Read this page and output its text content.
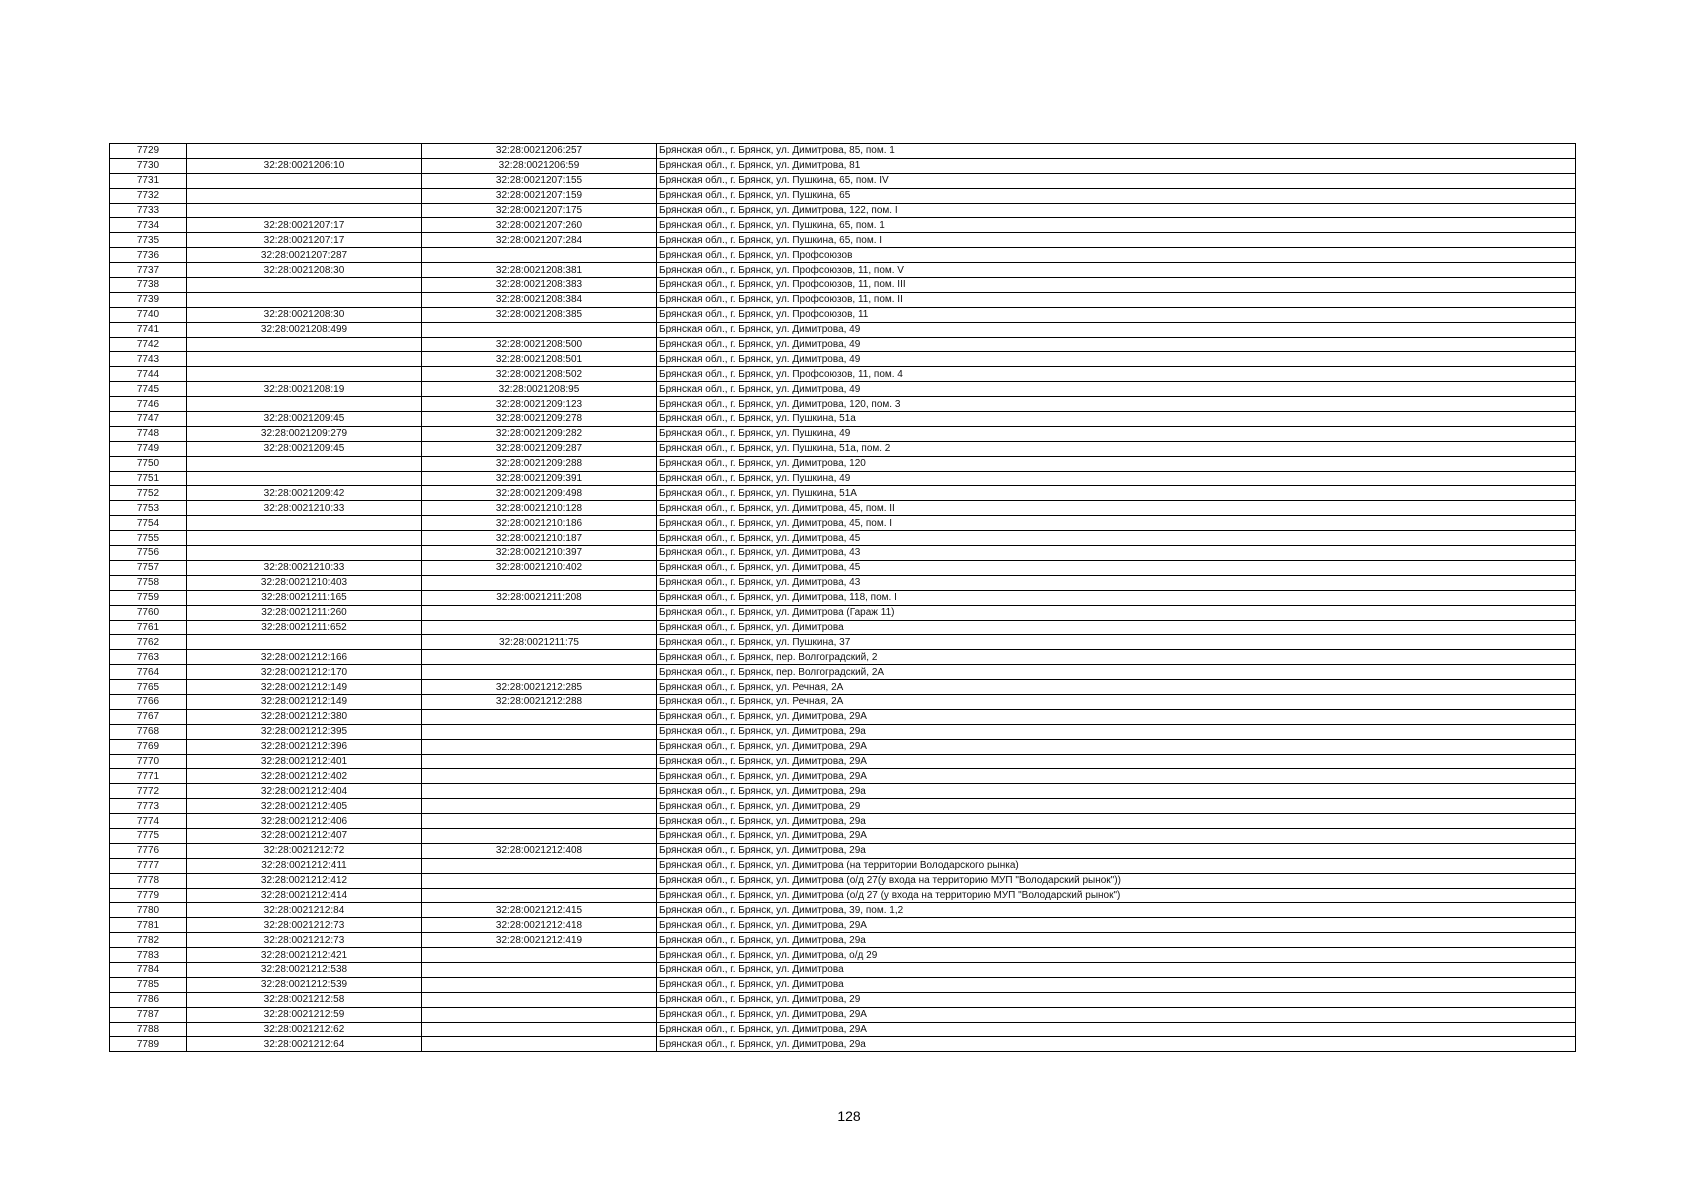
7729		32:28:0021206:257	Брянская обл., г. Брянск, ул. Димитрова, 85, пом. 1
7730	32:28:0021206:10	32:28:0021206:59	Брянская обл., г. Брянск, ул. Димитрова, 81
7731		32:28:0021207:155	Брянская обл., г. Брянск, ул. Пушкина, 65, пом. IV
7732		32:28:0021207:159	Брянская обл., г. Брянск, ул. Пушкина, 65
7733		32:28:0021207:175	Брянская обл., г. Брянск, ул. Димитрова, 122, пом. I
7734	32:28:0021207:17	32:28:0021207:260	Брянская обл., г. Брянск, ул. Пушкина, 65, пом. 1
7735	32:28:0021207:17	32:28:0021207:284	Брянская обл., г. Брянск, ул. Пушкина, 65, пом. I
7736	32:28:0021207:287		Брянская обл., г. Брянск, ул. Профсоюзов
7737	32:28:0021208:30	32:28:0021208:381	Брянская обл., г. Брянск, ул. Профсоюзов, 11, пом. V
7738		32:28:0021208:383	Брянская обл., г. Брянск, ул. Профсоюзов, 11, пом. III
7739		32:28:0021208:384	Брянская обл., г. Брянск, ул. Профсоюзов, 11, пом. II
7740	32:28:0021208:30	32:28:0021208:385	Брянская обл., г. Брянск, ул. Профсоюзов, 11
7741	32:28:0021208:499		Брянская обл., г. Брянск, ул. Димитрова, 49
7742		32:28:0021208:500	Брянская обл., г. Брянск, ул. Димитрова, 49
7743		32:28:0021208:501	Брянская обл., г. Брянск, ул. Димитрова, 49
7744		32:28:0021208:502	Брянская обл., г. Брянск, ул. Профсоюзов, 11, пом. 4
7745	32:28:0021208:19	32:28:0021208:95	Брянская обл., г. Брянск, ул. Димитрова, 49
7746		32:28:0021209:123	Брянская обл., г. Брянск, ул. Димитрова, 120, пом. 3
7747	32:28:0021209:45	32:28:0021209:278	Брянская обл., г. Брянск, ул. Пушкина, 51а
7748	32:28:0021209:279	32:28:0021209:282	Брянская обл., г. Брянск, ул. Пушкина, 49
7749	32:28:0021209:45	32:28:0021209:287	Брянская обл., г. Брянск, ул. Пушкина, 51а, пом. 2
7750		32:28:0021209:288	Брянская обл., г. Брянск, ул. Димитрова, 120
7751		32:28:0021209:391	Брянская обл., г. Брянск, ул. Пушкина, 49
7752	32:28:0021209:42	32:28:0021209:498	Брянская обл., г. Брянск, ул. Пушкина, 51А
7753	32:28:0021210:33	32:28:0021210:128	Брянская обл., г. Брянск, ул. Димитрова, 45, пом. II
7754		32:28:0021210:186	Брянская обл., г. Брянск, ул. Димитрова, 45, пом. I
7755		32:28:0021210:187	Брянская обл., г. Брянск, ул. Димитрова, 45
7756		32:28:0021210:397	Брянская обл., г. Брянск, ул. Димитрова, 43
7757	32:28:0021210:33	32:28:0021210:402	Брянская обл., г. Брянск, ул. Димитрова, 45
7758	32:28:0021210:403		Брянская обл., г. Брянск, ул. Димитрова, 43
7759	32:28:0021211:165	32:28:0021211:208	Брянская обл., г. Брянск, ул. Димитрова, 118, пом. I
7760	32:28:0021211:260		Брянская обл., г. Брянск, ул. Димитрова (Гараж 11)
7761	32:28:0021211:652		Брянская обл., г. Брянск, ул. Димитрова
7762		32:28:0021211:75	Брянская обл., г. Брянск, ул. Пушкина, 37
7763	32:28:0021212:166		Брянская обл., г. Брянск, пер. Волгоградский, 2
7764	32:28:0021212:170		Брянская обл., г. Брянск, пер. Волгоградский, 2А
7765	32:28:0021212:149	32:28:0021212:285	Брянская обл., г. Брянск, ул. Речная, 2А
7766	32:28:0021212:149	32:28:0021212:288	Брянская обл., г. Брянск, ул. Речная, 2А
7767	32:28:0021212:380		Брянская обл., г. Брянск, ул. Димитрова, 29А
7768	32:28:0021212:395		Брянская обл., г. Брянск, ул. Димитрова, 29а
7769	32:28:0021212:396		Брянская обл., г. Брянск, ул. Димитрова, 29А
7770	32:28:0021212:401		Брянская обл., г. Брянск, ул. Димитрова, 29А
7771	32:28:0021212:402		Брянская обл., г. Брянск, ул. Димитрова, 29А
7772	32:28:0021212:404		Брянская обл., г. Брянск, ул. Димитрова, 29а
7773	32:28:0021212:405		Брянская обл., г. Брянск, ул. Димитрова, 29
7774	32:28:0021212:406		Брянская обл., г. Брянск, ул. Димитрова, 29а
7775	32:28:0021212:407		Брянская обл., г. Брянск, ул. Димитрова, 29А
7776	32:28:0021212:72	32:28:0021212:408	Брянская обл., г. Брянск, ул. Димитрова, 29а
7777	32:28:0021212:411		Брянская обл., г. Брянск, ул. Димитрова (на территории Володарского рынка)
7778	32:28:0021212:412		Брянская обл., г. Брянск, ул. Димитрова (о/д 27(у входа на территорию МУП "Володарский рынок"))
7779	32:28:0021212:414		Брянская обл., г. Брянск, ул. Димитрова (о/д 27 (у входа на территорию МУП "Володарский рынок")
7780	32:28:0021212:84	32:28:0021212:415	Брянская обл., г. Брянск, ул. Димитрова, 39, пом. 1,2
7781	32:28:0021212:73	32:28:0021212:418	Брянская обл., г. Брянск, ул. Димитрова, 29А
7782	32:28:0021212:73	32:28:0021212:419	Брянская обл., г. Брянск, ул. Димитрова, 29а
7783	32:28:0021212:421		Брянская обл., г. Брянск, ул. Димитрова, о/д 29
7784	32:28:0021212:538		Брянская обл., г. Брянск, ул. Димитрова
7785	32:28:0021212:539		Брянская обл., г. Брянск, ул. Димитрова
7786	32:28:0021212:58		Брянская обл., г. Брянск, ул. Димитрова, 29
7787	32:28:0021212:59		Брянская обл., г. Брянск, ул. Димитрова, 29А
7788	32:28:0021212:62		Брянская обл., г. Брянск, ул. Димитрова, 29А
7789	32:28:0021212:64		Брянская обл., г. Брянск, ул. Димитрова, 29а
128
